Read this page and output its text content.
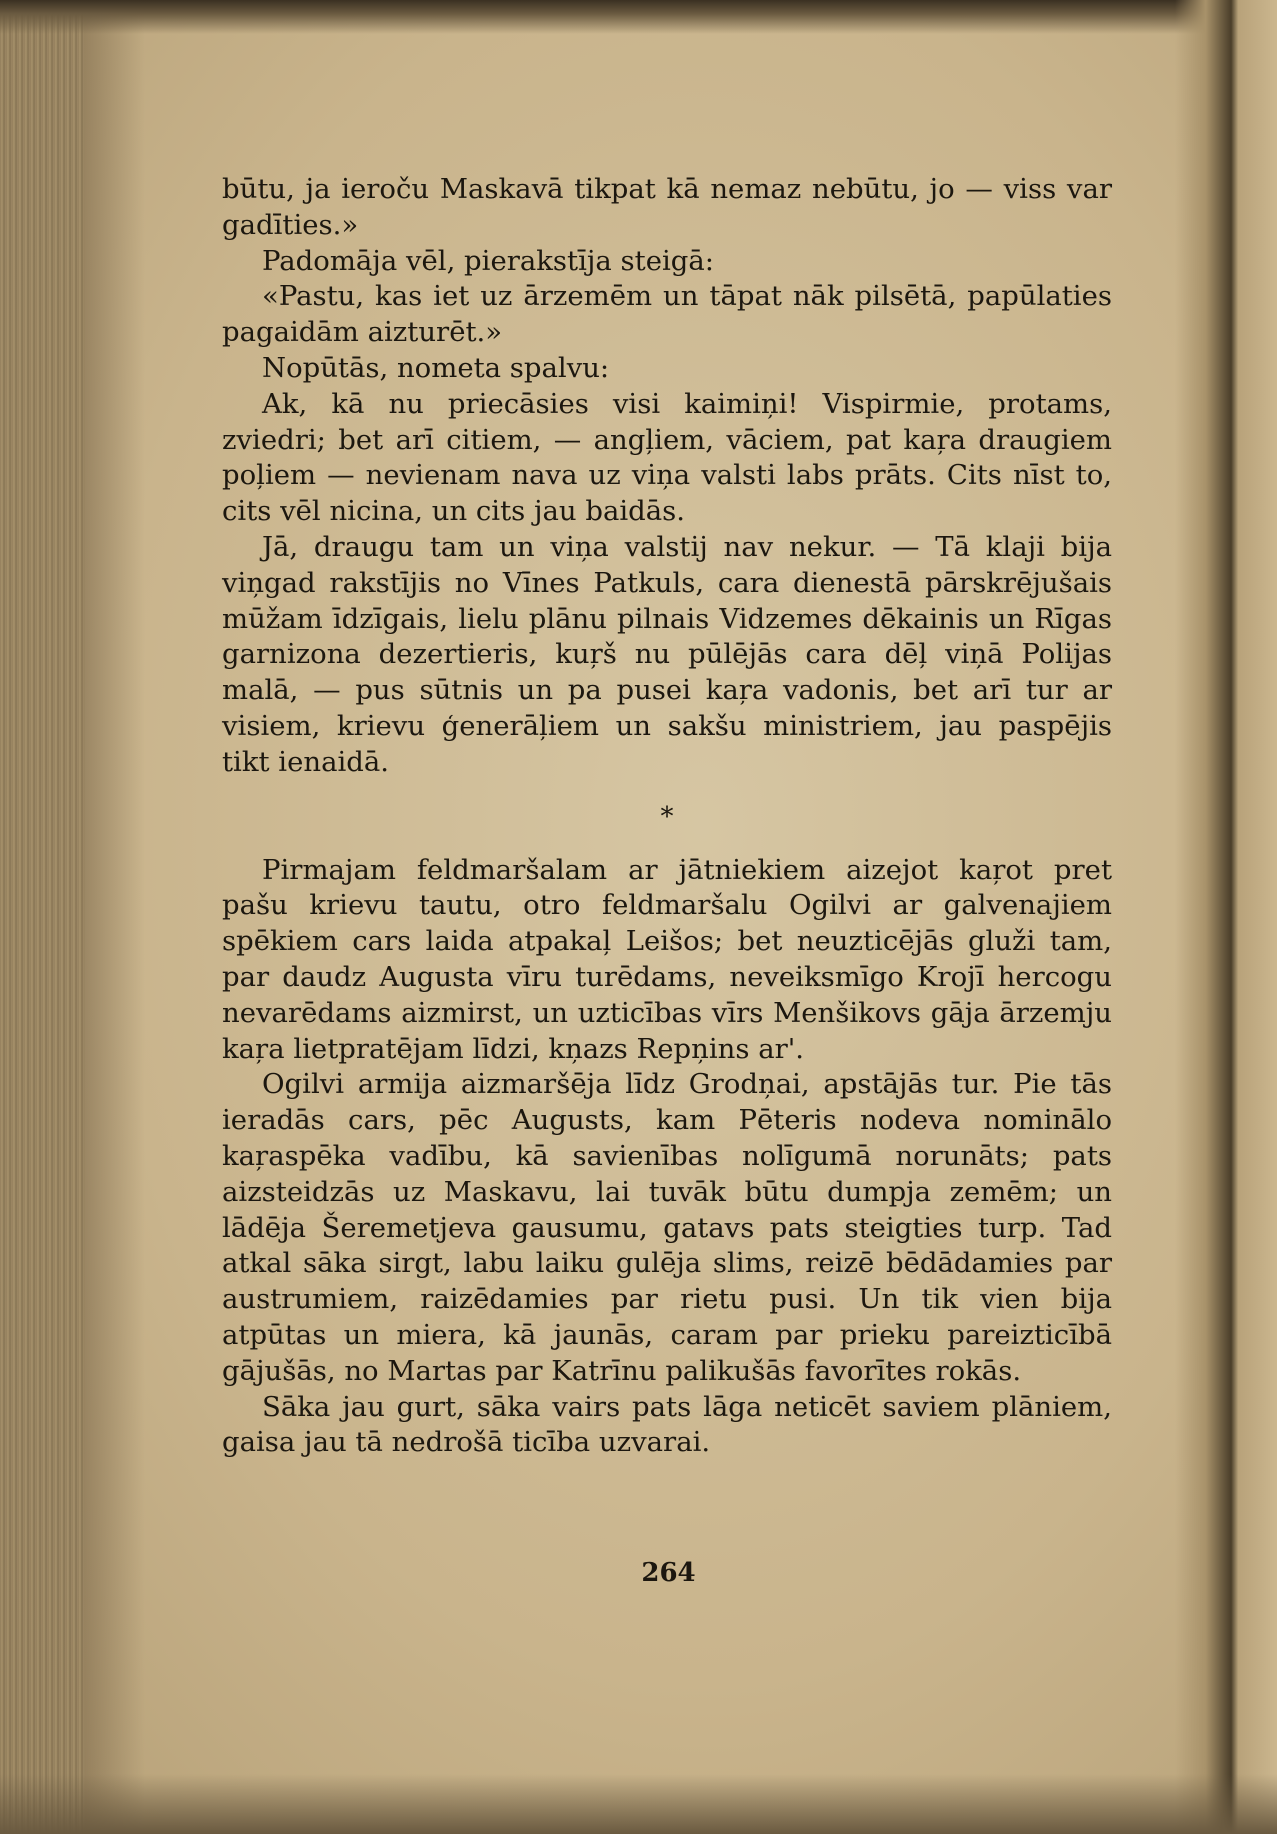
būtu, ja ieroču Maskavā tikpat kā nemaz nebūtu, jo — viss var gadīties.»

Padomāja vēl, pierakstīja steigā:

«Pastu, kas iet uz ārzemēm un tāpat nāk pilsētā, papūlaties pagaidām aizturēt.»

Nopūtās, nometa spalvu:

Ak, kā nu priecāsies visi kaimiņi! Vispirmie, protams, zviedri; bet arī citiem, — angļiem, vāciem, pat kaŗa draugiem poļiem — nevienam nava uz viņa valsti labs prāts. Cits nīst to, cits vēl nicina, un cits jau baidās.

Jā, draugu tam un viņa valstij nav nekur. — Tā klaji bija viņgad rakstījis no Vīnes Patkuls, cara dienestā pārskrējušais mūžam īdzīgais, lielu plānu pilnais Vidzemes dēkainis un Rīgas garnizona dezertieris, kuŗš nu pūlējās cara dēļ viņā Polijas malā, — pus sūtnis un pa pusei kaŗa vadonis, bet arī tur ar visiem, krievu ģenerāļiem un sakšu ministriem, jau paspējis tikt ienaidā.

*

Pirmajam feldmaršalam ar jātniekiem aizejot kaŗot pret pašu krievu tautu, otro feldmaršalu Ogilvi ar galvenajiem spēkiem cars laida atpakaļ Leišos; bet neuzticējās gluži tam, par daudz Augusta vīru turēdams, neveiksmīgo Krojī hercogu nevarēdams aizmirst, un uzticības vīrs Menšikovs gāja ārzemju kaŗa lietpratējam līdzi, kņazs Repņins ar'.

Ogilvi armija aizmaršēja līdz Grodņai, apstājās tur. Pie tās ieradās cars, pēc Augusts, kam Pēteris nodeva nominālo kaŗaspēka vadību, kā savienības nolīgumā norunāts; pats aizsteidzās uz Maskavu, lai tuvāk būtu dumpja zemēm; un lādēja Šeremetjeva gausumu, gatavs pats steigties turp. Tad atkal sāka sirgt, labu laiku gulēja slims, reizē bēdādamies par austrumiem, raizēdamies par rietu pusi. Un tik vien bija atpūtas un miera, kā jaunās, caram par prieku pareizticībā gājušās, no Martas par Katrīnu palikušās favorītes rokās.

Sāka jau gurt, sāka vairs pats lāga neticēt saviem plāniem, gaisa jau tā nedrošā ticība uzvarai.

264
